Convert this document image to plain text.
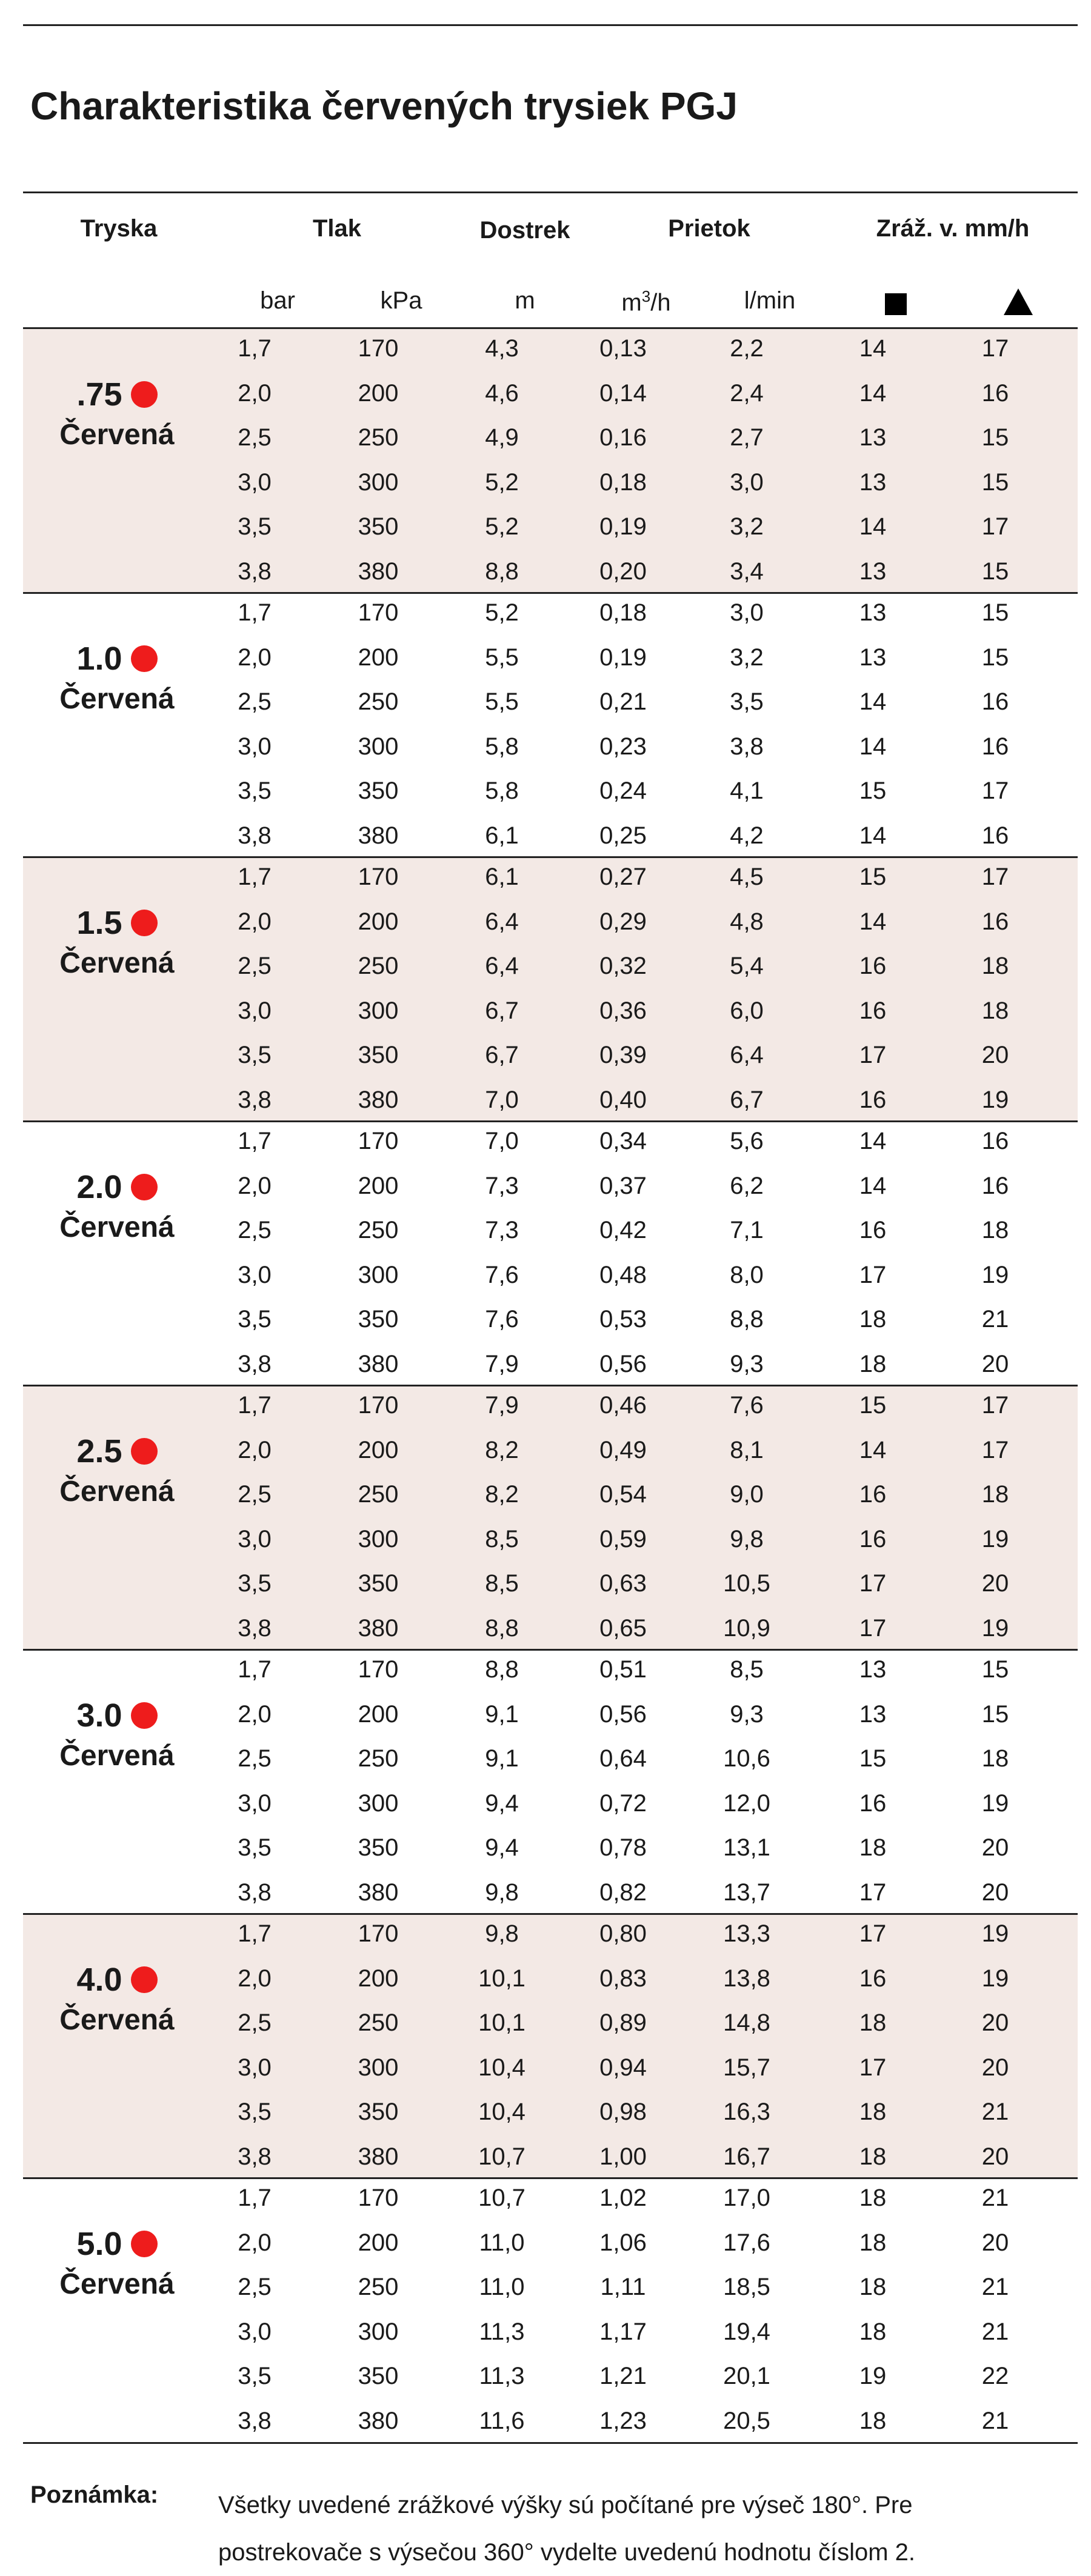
Charakteristika červených trysiek PGJ
Tryska	Tlak	Dostrek	Prietok	Zráž. v. mm/h
bar	kPa	m	$m^3/h$	l/min
.75
Červená
1,7	170	4,3	0,13	2,2	14	17
2,0	200	4,6	0,14	2,4	14	16
2,5	250	4,9	0,16	2,7	13	15
3,0	300	5,2	0,18	3,0	13	15
3,5	350	5,2	0,19	3,2	14	17
3,8	380	8,8	0,20	3,4	13	15
1.0
Červená
1,7	170	5,2	0,18	3,0	13	15
2,0	200	5,5	0,19	3,2	13	15
2,5	250	5,5	0,21	3,5	14	16
3,0	300	5,8	0,23	3,8	14	16
3,5	350	5,8	0,24	4,1	15	17
3,8	380	6,1	0,25	4,2	14	16
1.5
Červená
1,7	170	6,1	0,27	4,5	15	17
2,0	200	6,4	0,29	4,8	14	16
2,5	250	6,4	0,32	5,4	16	18
3,0	300	6,7	0,36	6,0	16	18
3,5	350	6,7	0,39	6,4	17	20
3,8	380	7,0	0,40	6,7	16	19
2.0
Červená
1,7	170	7,0	0,34	5,6	14	16
2,0	200	7,3	0,37	6,2	14	16
2,5	250	7,3	0,42	7,1	16	18
3,0	300	7,6	0,48	8,0	17	19
3,5	350	7,6	0,53	8,8	18	21
3,8	380	7,9	0,56	9,3	18	20
2.5
Červená
1,7	170	7,9	0,46	7,6	15	17
2,0	200	8,2	0,49	8,1	14	17
2,5	250	8,2	0,54	9,0	16	18
3,0	300	8,5	0,59	9,8	16	19
3,5	350	8,5	0,63	10,5	17	20
3,8	380	8,8	0,65	10,9	17	19
3.0
Červená
1,7	170	8,8	0,51	8,5	13	15
2,0	200	9,1	0,56	9,3	13	15
2,5	250	9,1	0,64	10,6	15	18
3,0	300	9,4	0,72	12,0	16	19
3,5	350	9,4	0,78	13,1	18	20
3,8	380	9,8	0,82	13,7	17	20
4.0
Červená
1,7	170	9,8	0,80	13,3	17	19
2,0	200	10,1	0,83	13,8	16	19
2,5	250	10,1	0,89	14,8	18	20
3,0	300	10,4	0,94	15,7	17	20
3,5	350	10,4	0,98	16,3	18	21
3,8	380	10,7	1,00	16,7	18	20
5.0
Červená
1,7	170	10,7	1,02	17,0	18	21
2,0	200	11,0	1,06	17,6	18	20
2,5	250	11,0	1,11	18,5	18	21
3,0	300	11,3	1,17	19,4	18	21
3,5	350	11,3	1,21	20,1	19	22
3,8	380	11,6	1,23	20,5	18	21
Poznámka: Všetky uvedené zrážkové výšky sú počítané pre výseč 180°. Pre postrekovače s výsečou 360° vydelte uvedenú hodnotu číslom 2.
